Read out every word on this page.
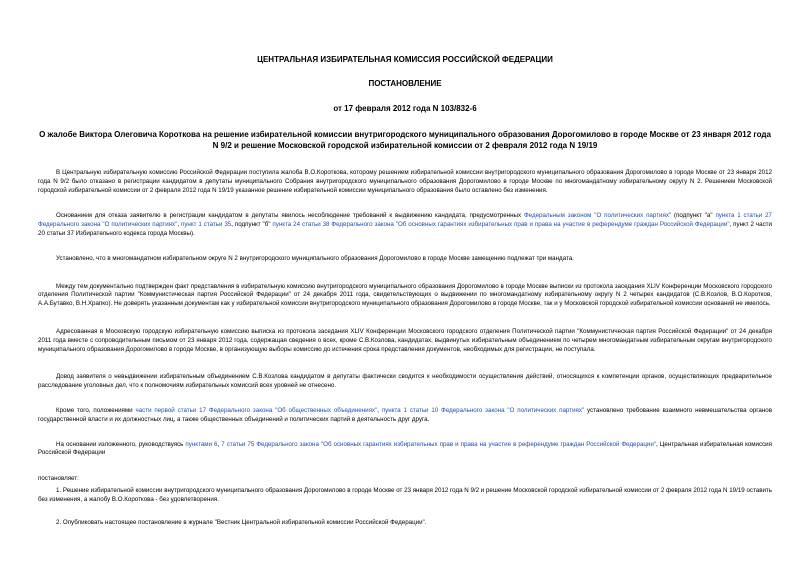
ЦЕНТРАЛЬНАЯ ИЗБИРАТЕЛЬНАЯ КОМИССИЯ РОССИЙСКОЙ ФЕДЕРАЦИИ

ПОСТАНОВЛЕНИЕ

от 17 февраля 2012 года N 103/832-6

О жалобе Виктора Олеговича Короткова на решение избирательной комиссии внутригородского муниципального образования Дорогомилово в городе Москве от 23 января 2012 года N 9/2 и решение Московской городской избирательной комиссии от 2 февраля 2012 года N 19/19

В Центральную избирательную комиссию Российской Федерации поступила жалоба В.О.Короткова, которому решением избирательной комиссии внутригородского муниципального образования Дорогомилово в городе Москве от 23 января 2012 года N 9/2 было отказано в регистрации кандидатом в депутаты муниципального Собрания внутригородского муниципального образования Дорогомилово в городе Москве по многомандатному избирательному округу N 2. Решением Московской городской избирательной комиссии от 2 февраля 2012 года N 19/19 указанное решение избирательной комиссии муниципального образования было оставлено без изменения.

Основанием для отказа заявителю в регистрации кандидатом в депутаты явилось несоблюдение требований к выдвижению кандидата, предусмотренных Федеральным законом "О политических партиях" (подпункт "а" пункта 1 статьи 27 Федерального закона "О политических партиях", пункт 1 статьи 35, подпункт "б" пункта 24 статьи 38 Федерального закона "Об основных гарантиях избирательных прав и права на участие в референдуме граждан Российской Федерации", пункт 2 части 20 статьи 37 Избирательного кодекса города Москвы).

Установлено, что в многомандатном избирательном округе N 2 внутригородского муниципального образования Дорогомилово в городе Москве замещению подлежат три мандата.

Между тем документально подтвержден факт представления в избирательную комиссию внутригородского муниципального образования Дорогомилово в городе Москве выписки из протокола заседания XLIV Конференции Московского городского отделения Политической партии "Коммунистическая партия Российской Федерации" от 24 декабря 2011 года, свидетельствующих о выдвижении по многомандатному избирательному округу N 2 четырех кандидатов (С.В.Козлов, В.О.Коротков, А.А.Бутавко, В.Н.Храпко). Не доверять указанным документам как у избирательной комиссии внутригородского муниципального образования Дорогомилово в городе Москве, так и у Московской городской избирательной комиссии оснований не имелось.

Адресованная в Московскую городскую избирательную комиссию выписка из протокола заседания XLIV Конференции Московского городского отделения Политической партии "Коммунистическая партия Российской Федерации" от 24 декабря 2011 года вместе с сопроводительным письмом от 23 января 2012 года, содержащая сведения о всех, кроме С.В.Козлова, кандидатах, выдвинутых избирательным объединением по четырем многомандатным избирательным округам внутригородского муниципального образования Дорогомилово в городе Москве, в организующую выборы комиссию до истечения срока представления документов, необходимых для регистрации, не поступала.

Довод заявителя о невыдвижении избирательным объединением С.В.Козлова кандидатом в депутаты фактически сводится к необходимости осуществления действий, относящихся к компетенции органов, осуществляющих предварительное расследование уголовных дел, что к полномочиям избирательных комиссий всех уровней не отнесено.

Кроме того, положениями части первой статьи 17 Федерального закона "Об общественных объединениях", пункта 1 статьи 10 Федерального закона "О политических партиях" установлено требование взаимного невмешательства органов государственной власти и их должностных лиц, а также общественных объединений и политических партий в деятельность друг друга.

На основании изложенного, руководствуясь пунктами 6, 7 статьи 75 Федерального закона "Об основных гарантиях избирательных прав и права на участие в референдуме граждан Российской Федерации", Центральная избирательная комиссия Российской Федерации

постановляет:

1. Решение избирательной комиссии внутригородского муниципального образования Дорогомилово в городе Москве от 23 января 2012 года N 9/2 и решение Московской городской избирательной комиссии от 2 февраля 2012 года N 19/19 оставить без изменения, а жалобу В.О.Короткова - без удовлетворения.

2. Опубликовать настоящее постановление в журнале "Вестник Центральной избирательной комиссии Российской Федерации".
